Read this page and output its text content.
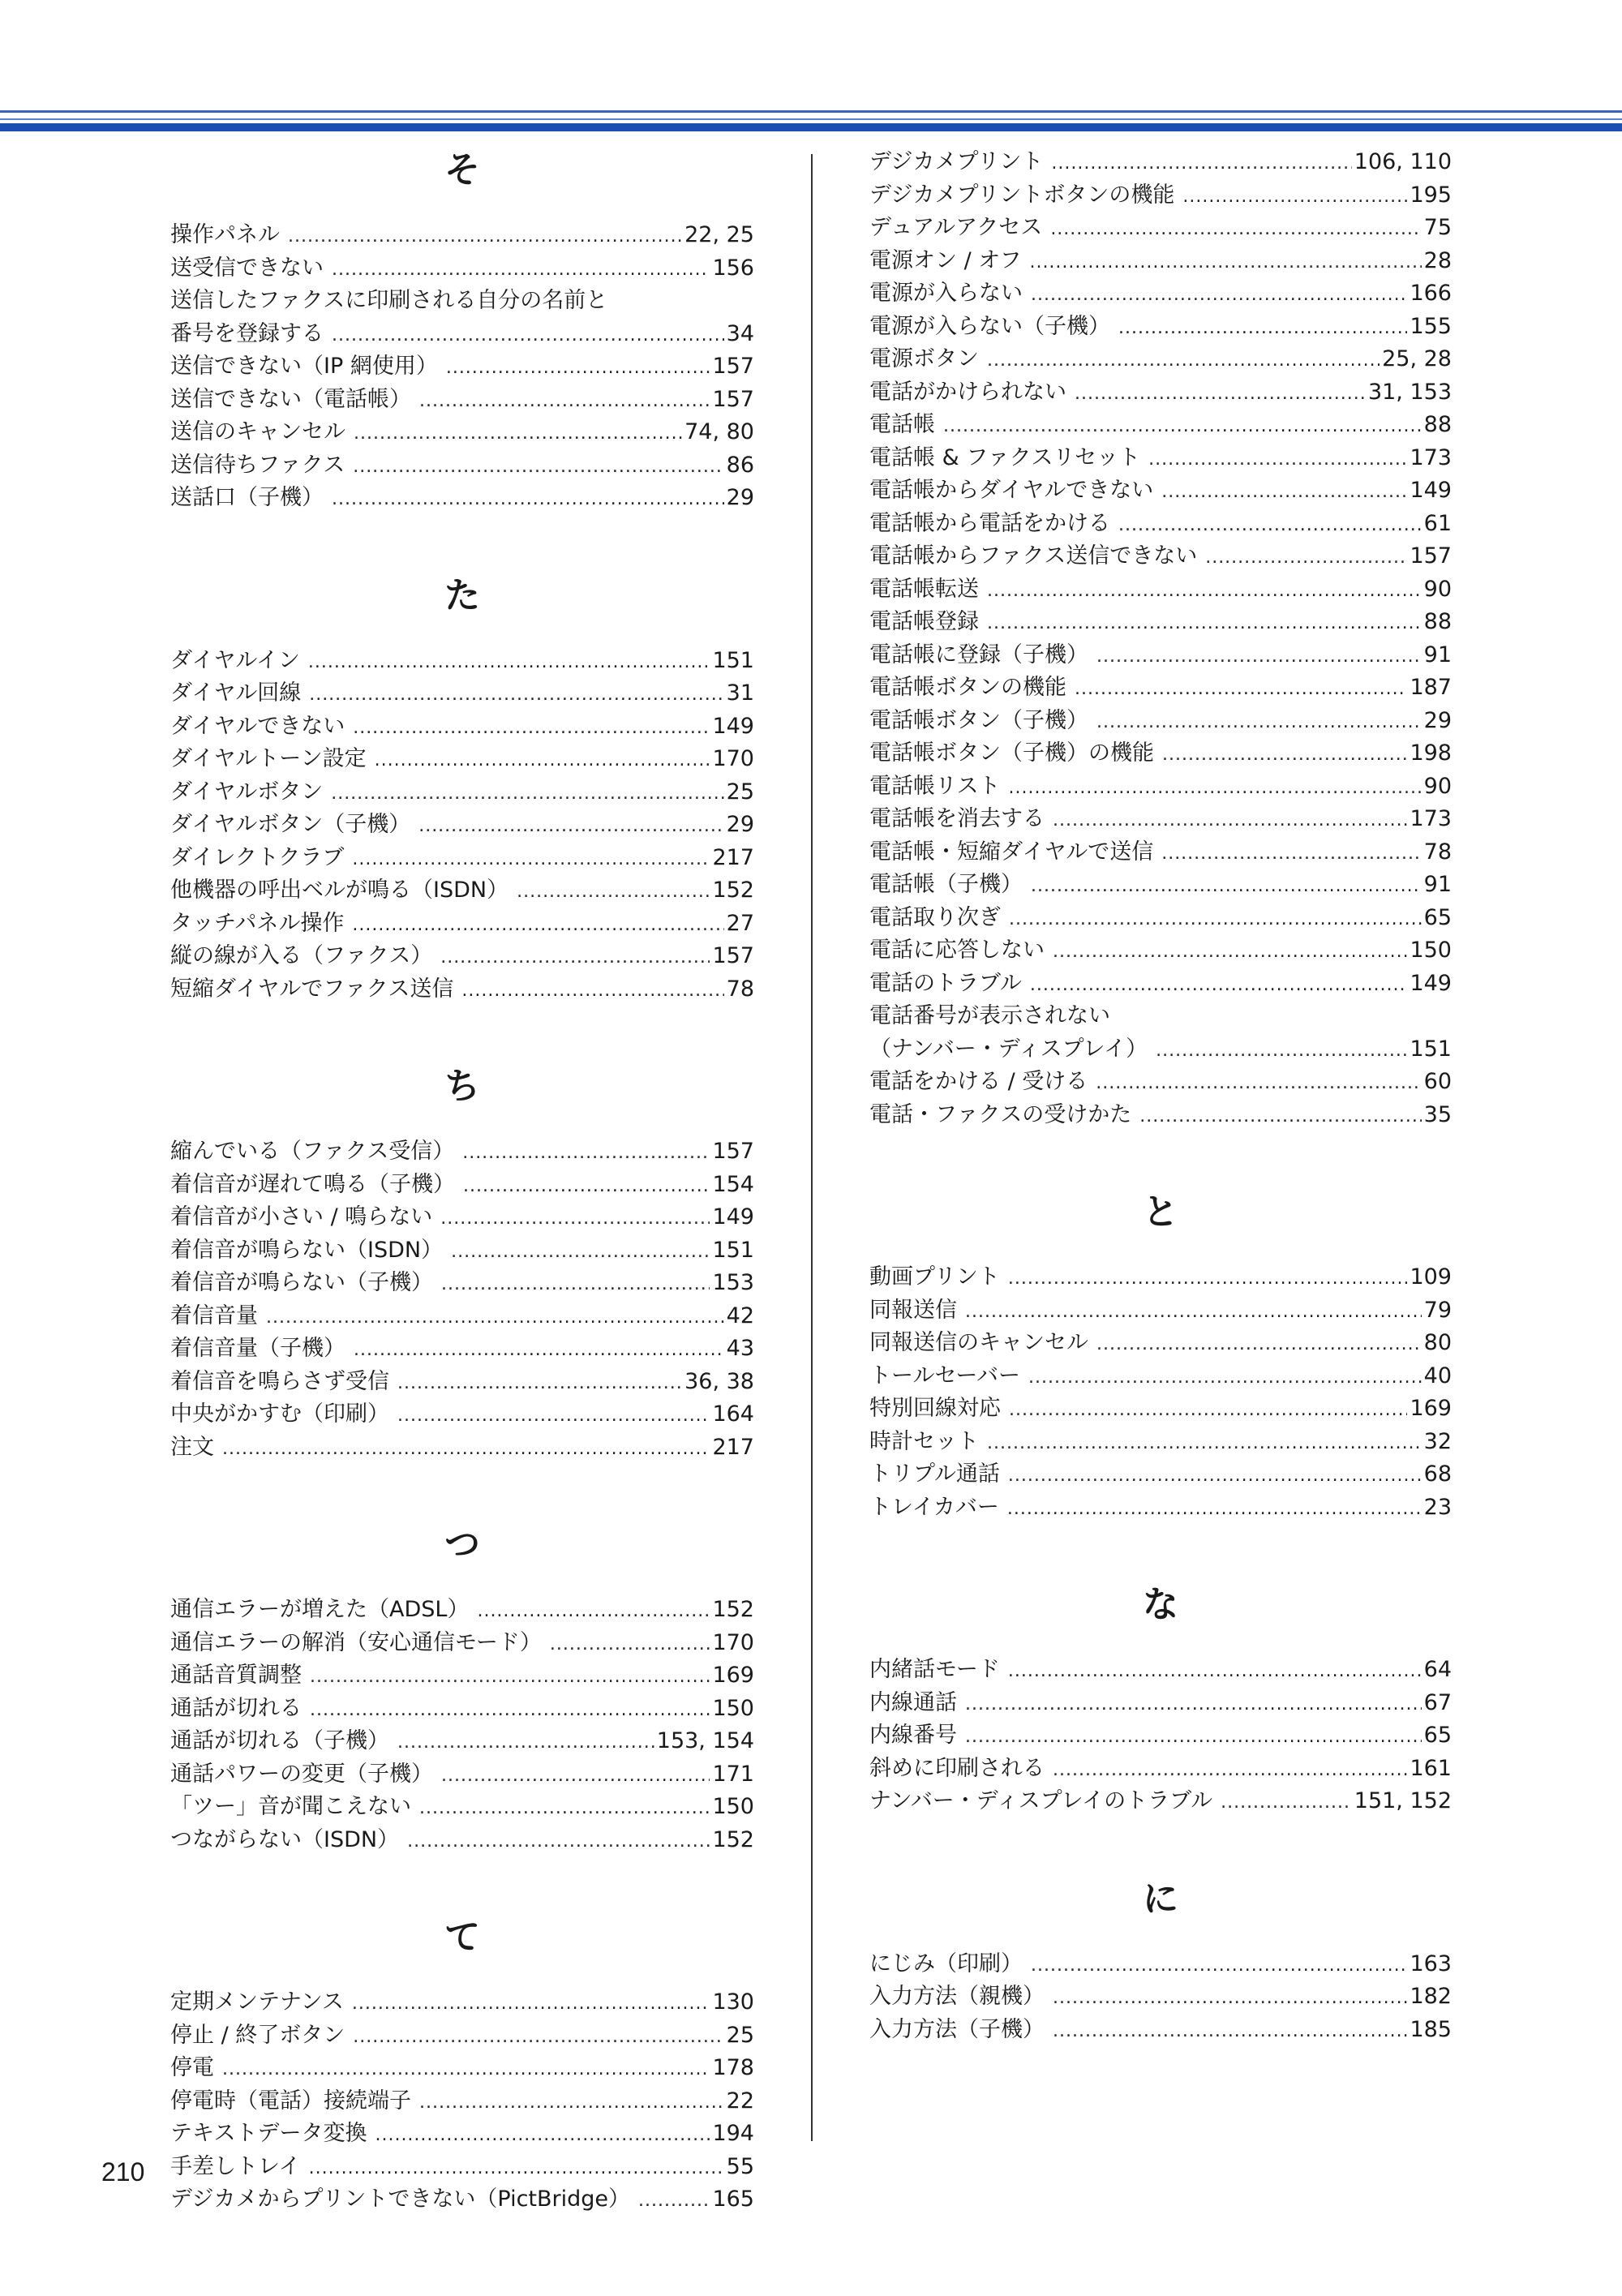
そ
操作パネル .....	22, 25
送受信できない .....	156
送信したファクスに印刷される自分の名前と
番号を登録する .....	34
送信できない（IP 網使用） .....	157
送信できない（電話帳） .....	157
送信のキャンセル .....	74, 80
送信待ちファクス .....	86
送話口（子機） .....	29
た
ダイヤルイン .....	151
ダイヤル回線 .....	31
ダイヤルできない .....	149
ダイヤルトーン設定 .....	170
ダイヤルボタン .....	25
ダイヤルボタン（子機） .....	29
ダイレクトクラブ .....	217
他機器の呼出ベルが鳴る（ISDN） .....	152
タッチパネル操作 .....	27
縦の線が入る（ファクス） .....	157
短縮ダイヤルでファクス送信 .....	78
ち
縮んでいる（ファクス受信） .....	157
着信音が遅れて鳴る（子機） .....	154
着信音が小さい / 鳴らない .....	149
着信音が鳴らない（ISDN） .....	151
着信音が鳴らない（子機） .....	153
着信音量 .....	42
着信音量（子機） .....	43
着信音を鳴らさず受信 .....	36, 38
中央がかすむ（印刷） .....	164
注文 .....	217
つ
通信エラーが増えた（ADSL） .....	152
通信エラーの解消（安心通信モード） .....	170
通話音質調整 .....	169
通話が切れる .....	150
通話が切れる（子機） .....	153, 154
通話パワーの変更（子機） .....	171
「ツー」音が聞こえない .....	150
つながらない（ISDN） .....	152
て
定期メンテナンス .....	130
停止 / 終了ボタン .....	25
停電 .....	178
停電時（電話）接続端子 .....	22
テキストデータ変換 .....	194
手差しトレイ .....	55
デジカメからプリントできない（PictBridge） .....	165
デジカメプリント .....	106, 110
デジカメプリントボタンの機能 .....	195
デュアルアクセス .....	75
電源オン / オフ .....	28
電源が入らない .....	166
電源が入らない（子機） .....	155
電源ボタン .....	25, 28
電話がかけられない .....	31, 153
電話帳 .....	88
電話帳 & ファクスリセット .....	173
電話帳からダイヤルできない .....	149
電話帳から電話をかける .....	61
電話帳からファクス送信できない .....	157
電話帳転送 .....	90
電話帳登録 .....	88
電話帳に登録（子機） .....	91
電話帳ボタンの機能 .....	187
電話帳ボタン（子機） .....	29
電話帳ボタン（子機）の機能 .....	198
電話帳リスト .....	90
電話帳を消去する .....	173
電話帳・短縮ダイヤルで送信 .....	78
電話帳（子機） .....	91
電話取り次ぎ .....	65
電話に応答しない .....	150
電話のトラブル .....	149
電話番号が表示されない
（ナンバー・ディスプレイ） .....	151
電話をかける / 受ける .....	60
電話・ファクスの受けかた .....	35
と
動画プリント .....	109
同報送信 .....	79
同報送信のキャンセル .....	80
トールセーバー .....	40
特別回線対応 .....	169
時計セット .....	32
トリプル通話 .....	68
トレイカバー .....	23
な
内緒話モード .....	64
内線通話 .....	67
内線番号 .....	65
斜めに印刷される .....	161
ナンバー・ディスプレイのトラブル .....	151, 152
に
にじみ（印刷） .....	163
入力方法（親機） .....	182
入力方法（子機） .....	185
210
